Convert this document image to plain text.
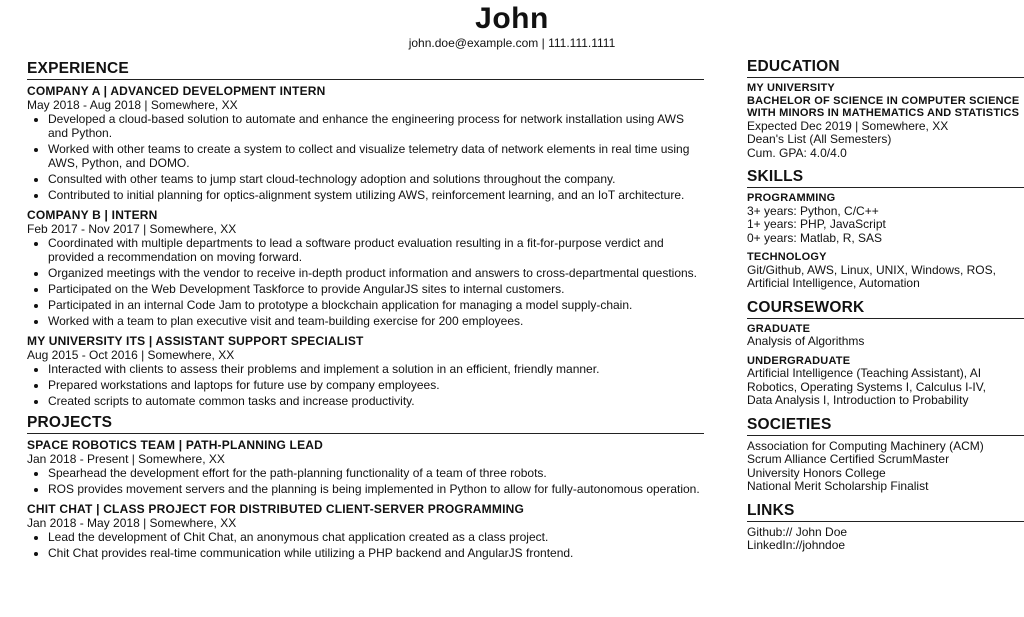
John
john.doe@example.com | 111.111.1111
EXPERIENCE
COMPANY A | ADVANCED DEVELOPMENT INTERN
May 2018 - Aug 2018 | Somewhere, XX
• Developed a cloud-based solution to automate and enhance the engineering process for network installation using AWS and Python.
• Worked with other teams to create a system to collect and visualize telemetry data of network elements in real time using AWS, Python, and DOMO.
• Consulted with other teams to jump start cloud-technology adoption and solutions throughout the company.
• Contributed to initial planning for optics-alignment system utilizing AWS, reinforcement learning, and an IoT architecture.
COMPANY B | INTERN
Feb 2017 - Nov 2017 | Somewhere, XX
• Coordinated with multiple departments to lead a software product evaluation resulting in a fit-for-purpose verdict and provided a recommendation on moving forward.
• Organized meetings with the vendor to receive in-depth product information and answers to cross-departmental questions.
• Participated on the Web Development Taskforce to provide AngularJS sites to internal customers.
• Participated in an internal Code Jam to prototype a blockchain application for managing a model supply-chain.
• Worked with a team to plan executive visit and team-building exercise for 200 employees.
MY UNIVERSITY ITS | ASSISTANT SUPPORT SPECIALIST
Aug 2015 - Oct 2016 | Somewhere, XX
• Interacted with clients to assess their problems and implement a solution in an efficient, friendly manner.
• Prepared workstations and laptops for future use by company employees.
• Created scripts to automate common tasks and increase productivity.
PROJECTS
SPACE ROBOTICS TEAM | PATH-PLANNING LEAD
Jan 2018 - Present | Somewhere, XX
• Spearhead the development effort for the path-planning functionality of a team of three robots.
• ROS provides movement servers and the planning is being implemented in Python to allow for fully-autonomous operation.
CHIT CHAT | CLASS PROJECT FOR DISTRIBUTED CLIENT-SERVER PROGRAMMING
Jan 2018 - May 2018 | Somewhere, XX
• Lead the development of Chit Chat, an anonymous chat application created as a class project.
• Chit Chat provides real-time communication while utilizing a PHP backend and AngularJS frontend.
EDUCATION
MY UNIVERSITY
BACHELOR OF SCIENCE IN COMPUTER SCIENCE
WITH MINORS IN MATHEMATICS AND STATISTICS
Expected Dec 2019 | Somewhere, XX
Dean's List (All Semesters)
Cum. GPA: 4.0/4.0
SKILLS
PROGRAMMING
3+ years: Python, C/C++
1+ years: PHP, JavaScript
0+ years: Matlab, R, SAS
TECHNOLOGY
Git/Github, AWS, Linux, UNIX, Windows, ROS,
Artificial Intelligence, Automation
COURSEWORK
GRADUATE
Analysis of Algorithms
UNDERGRADUATE
Artificial Intelligence (Teaching Assistant), AI
Robotics, Operating Systems I, Calculus I-IV,
Data Analysis I, Introduction to Probability
SOCIETIES
Association for Computing Machinery (ACM)
Scrum Alliance Certified ScrumMaster
University Honors College
National Merit Scholarship Finalist
LINKS
Github:// John Doe
LinkedIn://johndoe
